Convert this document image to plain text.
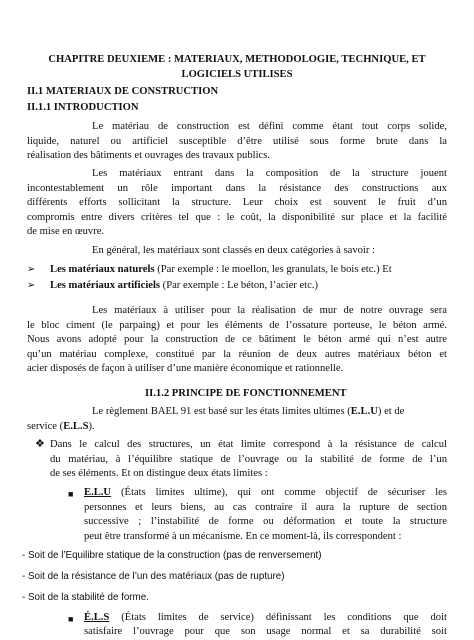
CHAPITRE DEUXIEME : MATERIAUX, METHODOLOGIE, TECHNIQUE, ET
LOGICIELS UTILISES
II.1 MATERIAUX DE CONSTRUCTION
II.1.1 INTRODUCTION
Le matériau de construction est défini comme étant tout corps solide,
liquide, naturel ou artificiel susceptible d’être utilisé sous forme brute dans la
réalisation des bâtiments et ouvrages des travaux publics.
Les matériaux entrant dans la composition de la structure jouent
incontestablement un rôle important dans la résistance des constructions aux
différents efforts sollicitant la structure. Leur choix est souvent le fruit d’un
compromis entre divers critères tel que : le coût, la disponibilité sur place et la facilité
de mise en œuvre.
En général, les matériaux sont classés en deux catégories à savoir :
➢ Les matériaux naturels (Par exemple : le moellon, les granulats, le bois etc.) Et
➢ Les matériaux artificiels (Par exemple : Le béton, l’acier etc.)
Les matériaux à utiliser pour la réalisation de mur de notre ouvrage sera
le bloc ciment (le parpaing) et pour les éléments de l’ossature porteuse, le béton armé.
Nous avons adopté pour la construction de ce bâtiment le béton armé qui n’est autre
qu’un matériau complexe, constitué par la réunion de deux autres matériaux béton et
acier disposés de façon à utiliser d’une manière économique et rationnelle.
II.1.2 PRINCIPE DE FONCTIONNEMENT
Le règlement BAEL 91 est basé sur les états limites ultimes (E.L.U) et de
service (E.L.S).
❖ Dans le calcul des structures, un état limite correspond à la résistance de calcul
du matériau, à l’équilibre statique de l’ouvrage ou la stabilité de forme de l’un
de ses éléments. Et on distingue deux états limites :
■ E.L.U (États limites ultime), qui ont comme objectif de sécuriser les
personnes et leurs biens, au cas contraire il aura la rupture de section
successive ; l’instabilité de forme ou déformation et toute la structure
peut être transformé à un mécanisme. En ce moment-là, ils correspondent :
- Soit de l’Equilibre statique de la construction (pas de renversement)
- Soit de la résistance de l’un des matériaux (pas de rupture)
- Soit de la stabilité de forme.
■ É.L.S (États limites de service) définissant les conditions que doit
satisfaire l’ouvrage pour que son usage normal et sa durabilité soit
